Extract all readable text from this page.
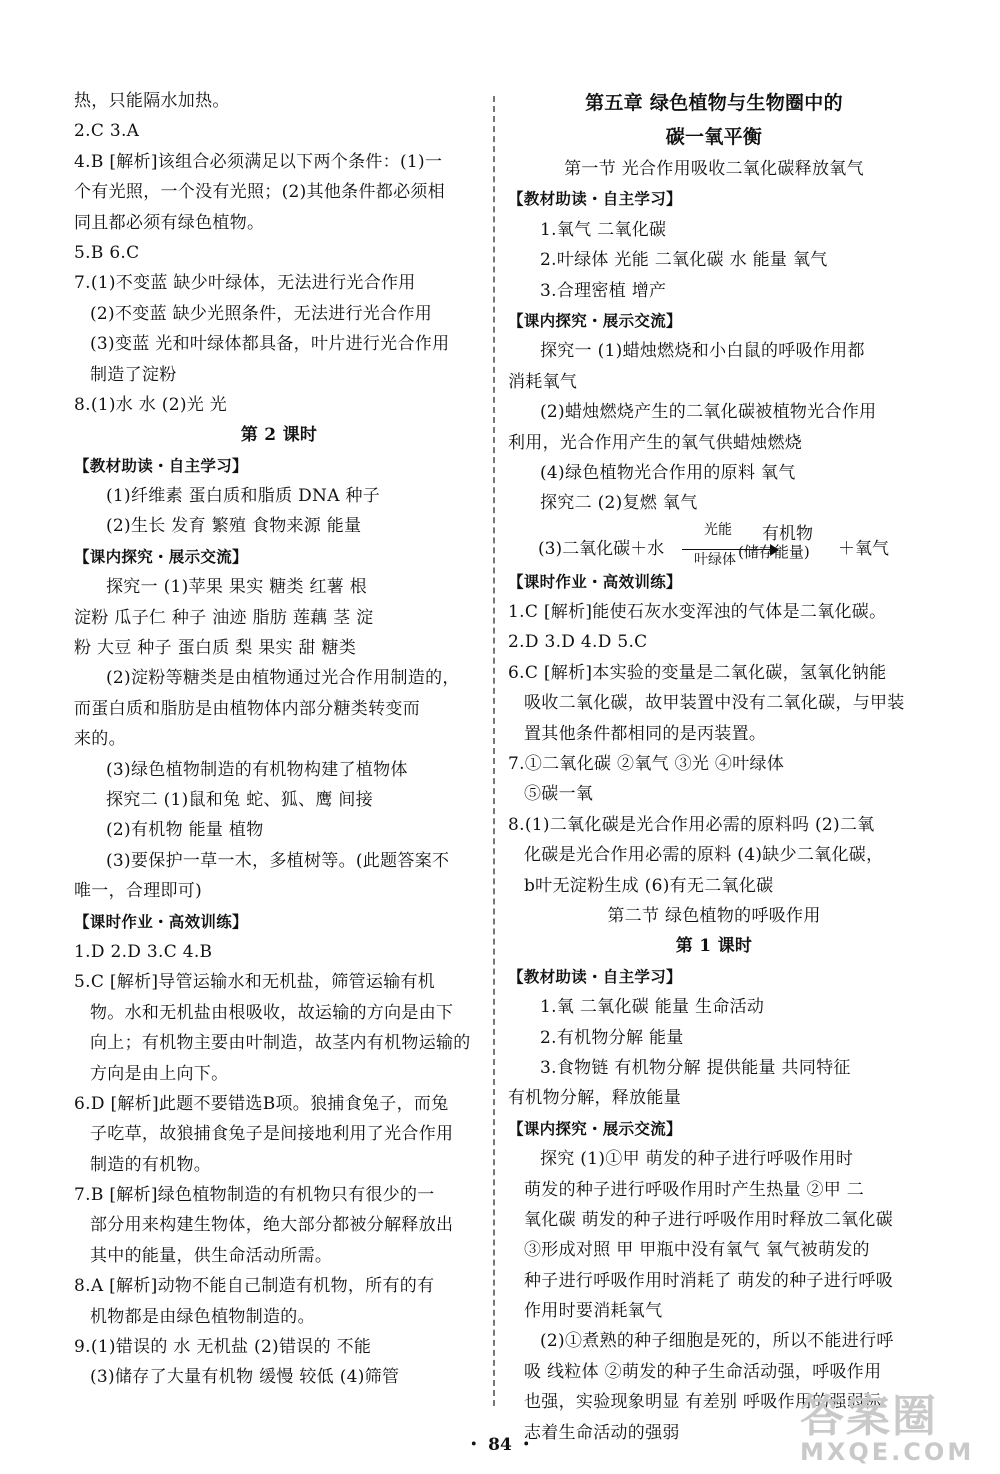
热，只能隔水加热。
2.C 3.A
4.B [解析]该组合必须满足以下两个条件：(1)一
个有光照，一个没有光照；(2)其他条件都必须相
同且都必须有绿色植物。
5.B 6.C
7.(1)不变蓝 缺少叶绿体，无法进行光合作用
(2)不变蓝 缺少光照条件，无法进行光合作用
(3)变蓝 光和叶绿体都具备，叶片进行光合作用
制造了淀粉
8.(1)水 水 (2)光 光
第 2 课时
【教材助读・自主学习】
(1)纤维素 蛋白质和脂质 DNA 种子
(2)生长 发育 繁殖 食物来源 能量
【课内探究・展示交流】
探究一 (1)苹果 果实 糖类 红薯 根
淀粉 瓜子仁 种子 油迹 脂肪 莲藕 茎 淀
粉 大豆 种子 蛋白质 梨 果实 甜 糖类
(2)淀粉等糖类是由植物通过光合作用制造的，
而蛋白质和脂肪是由植物体内部分糖类转变而
来的。
(3)绿色植物制造的有机物构建了植物体
探究二 (1)鼠和兔 蛇、狐、鹰 间接
(2)有机物 能量 植物
(3)要保护一草一木，多植树等。(此题答案不
唯一，合理即可)
【课时作业・高效训练】
1.D 2.D 3.C 4.B
5.C [解析]导管运输水和无机盐，筛管运输有机
物。水和无机盐由根吸收，故运输的方向是由下
向上；有机物主要由叶制造，故茎内有机物运输的
方向是由上向下。
6.D [解析]此题不要错选B项。狼捕食兔子，而兔
子吃草，故狼捕食兔子是间接地利用了光合作用
制造的有机物。
7.B [解析]绿色植物制造的有机物只有很少的一
部分用来构建生物体，绝大部分都被分解释放出
其中的能量，供生命活动所需。
8.A [解析]动物不能自己制造有机物，所有的有
机物都是由绿色植物制造的。
9.(1)错误的 水 无机盐 (2)错误的 不能
(3)储存了大量有机物 缓慢 较低 (4)筛管
第五章 绿色植物与生物圈中的
碳一氧平衡
第一节 光合作用吸收二氧化碳释放氧气
【教材助读・自主学习】
1.氧气 二氧化碳
2.叶绿体 光能 二氧化碳 水 能量 氧气
3.合理密植 增产
【课内探究・展示交流】
探究一 (1)蜡烛燃烧和小白鼠的呼吸作用都
消耗氧气
(2)蜡烛燃烧产生的二氧化碳被植物光合作用
利用，光合作用产生的氧气供蜡烛燃烧
(4)绿色植物光合作用的原料 氧气
探究二 (2)复燃 氧气
(3)二氧化碳＋水
光能
叶绿体
有机物
(储存能量) ＋氧气
【课时作业・高效训练】
1.C [解析]能使石灰水变浑浊的气体是二氧化碳。
2.D 3.D 4.D 5.C
6.C [解析]本实验的变量是二氧化碳，氢氧化钠能
吸收二氧化碳，故甲装置中没有二氧化碳，与甲装
置其他条件都相同的是丙装置。
7.①二氧化碳 ②氧气 ③光 ④叶绿体
⑤碳一氧
8.(1)二氧化碳是光合作用必需的原料吗 (2)二氧
化碳是光合作用必需的原料 (4)缺少二氧化碳，
b叶无淀粉生成 (6)有无二氧化碳
第二节 绿色植物的呼吸作用
第 1 课时
【教材助读・自主学习】
1.氧 二氧化碳 能量 生命活动
2.有机物分解 能量
3.食物链 有机物分解 提供能量 共同特征
有机物分解，释放能量
【课内探究・展示交流】
探究 (1)①甲 萌发的种子进行呼吸作用时
萌发的种子进行呼吸作用时产生热量 ②甲 二
氧化碳 萌发的种子进行呼吸作用时释放二氧化碳
③形成对照 甲 甲瓶中没有氧气 氧气被萌发的
种子进行呼吸作用时消耗了 萌发的种子进行呼吸
作用时要消耗氧气
(2)①煮熟的种子细胞是死的，所以不能进行呼
吸 线粒体 ②萌发的种子生命活动强，呼吸作用
也强，实验现象明显 有差别 呼吸作用的强弱标
志着生命活动的强弱
・ 84 ・
答案圈
MXQE.COM
